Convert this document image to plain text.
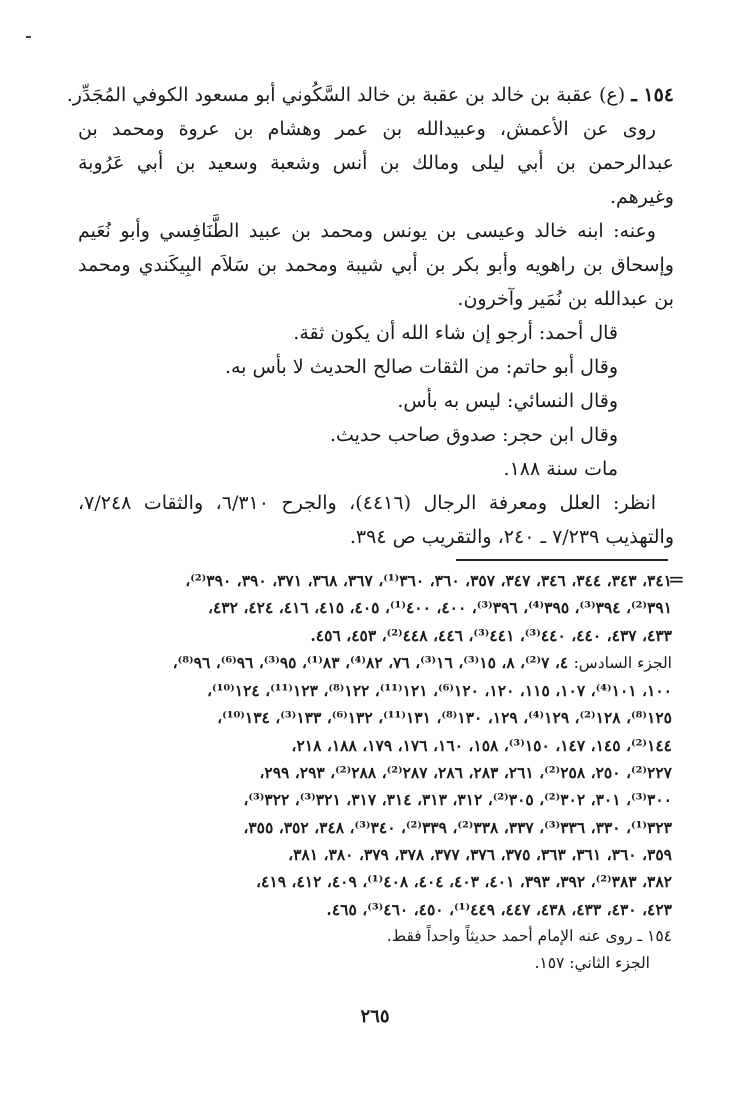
١٥٤ ـ (ع) عقبة بن خالد بن عقبة بن خالد السَّكُوني أبو مسعود الكوفي المُجَدِّر.
روى عن الأعمش، وعبيدالله بن عمر وهشام بن عروة ومحمد بن عبدالرحمن بن أبي ليلى ومالك بن أنس وشعبة وسعيد بن أبي عَرُوبة وغيرهم.
وعنه: ابنه خالد وعيسى بن يونس ومحمد بن عبيد الطَّنَافِسي وأبو نُعَيم وإسحاق بن راهويه وأبو بكر بن أبي شيبة ومحمد بن سَلاَم البِيكَندي ومحمد بن عبدالله بن نُمَير وآخرون.
قال أحمد: أرجو إن شاء الله أن يكون ثقة.
وقال أبو حاتم: من الثقات صالح الحديث لا بأس به.
وقال النسائي: ليس به بأس.
وقال ابن حجر: صدوق صاحب حديث.
مات سنة ١٨٨.
انظر: العلل ومعرفة الرجال (٤٤١٦)، والجرح ٦/٣١٠، والثقات ٧/٢٤٨، والتهذيب ٧/٢٣٩ ـ ٢٤٠، والتقريب ص ٣٩٤.
=
٣٤١، ٣٤٣، ٣٤٤، ٣٤٦، ٣٤٧، ٣٥٧، ٣٦٠، ٣٦٠⁽¹⁾، ٣٦٧، ٣٦٨، ٣٧١، ٣٩٠، ٣٩٠⁽²⁾،
٣٩١⁽²⁾، ٣٩٤⁽³⁾، ٣٩٥⁽⁴⁾، ٣٩٦⁽³⁾، ٤٠٠، ٤٠٠⁽¹⁾، ٤٠٥، ٤١٥، ٤١٦، ٤٢٤، ٤٣٢،
٤٣٣، ٤٣٧، ٤٤٠، ٤٤٠⁽³⁾، ٤٤١⁽³⁾، ٤٤٦، ٤٤٨⁽²⁾، ٤٥٣، ٤٥٦.
الجزء السادس: ٤، ٧⁽²⁾، ٨، ١٥⁽³⁾، ١٦⁽³⁾، ٧٦، ٨٢⁽⁴⁾، ٨٣⁽¹⁾، ٩٥⁽³⁾، ٩٦⁽⁶⁾، ٩٦⁽⁸⁾،
١٠٠، ١٠١⁽⁴⁾، ١٠٧، ١١٥، ١٢٠، ١٢٠⁽⁶⁾، ١٢١⁽¹¹⁾، ١٢٢⁽⁸⁾، ١٢٣⁽¹¹⁾، ١٢٤⁽¹⁰⁾،
١٢٥⁽⁸⁾، ١٢٨⁽²⁾، ١٢٩⁽⁴⁾، ١٢٩، ١٣٠⁽⁸⁾، ١٣١⁽¹¹⁾، ١٣٢⁽⁶⁾، ١٣٣⁽³⁾، ١٣٤⁽¹⁰⁾،
١٤٤⁽²⁾، ١٤٥، ١٤٧، ١٥٠⁽³⁾، ١٥٨، ١٦٠، ١٧٦، ١٧٩، ١٨٨، ٢١٨،
٢٢٧⁽²⁾، ٢٥٠، ٢٥٨⁽²⁾، ٢٦١، ٢٨٣، ٢٨٦، ٢٨٧⁽²⁾، ٢٨٨⁽²⁾، ٢٩٣، ٢٩٩،
٣٠٠⁽³⁾، ٣٠١، ٣٠٢⁽²⁾، ٣٠٥⁽²⁾، ٣١٢، ٣١٣، ٣١٤، ٣١٧، ٣٢١⁽³⁾، ٣٢٢⁽³⁾،
٣٢٣⁽¹⁾، ٣٣٠، ٣٣٦⁽³⁾، ٣٣٧، ٣٣٨⁽²⁾، ٣٣٩⁽²⁾، ٣٤٠⁽³⁾، ٣٤٨، ٣٥٢، ٣٥٥،
٣٥٩، ٣٦٠، ٣٦١، ٣٦٣، ٣٧٥، ٣٧٦، ٣٧٧، ٣٧٨، ٣٧٩، ٣٨٠، ٣٨١،
٣٨٢، ٣٨٣⁽²⁾، ٣٩٢، ٣٩٣، ٤٠١، ٤٠٣، ٤٠٤، ٤٠٨⁽¹⁾، ٤٠٩، ٤١٢، ٤١٩،
٤٢٣، ٤٣٠، ٤٣٣، ٤٣٨، ٤٤٧، ٤٤٩⁽¹⁾، ٤٥٠، ٤٦٠⁽³⁾، ٤٦٥.
١٥٤ ـ روى عنه الإمام أحمد حديثاً واحداً فقط.
الجزء الثاني: ١٥٧.
٢٦٥
